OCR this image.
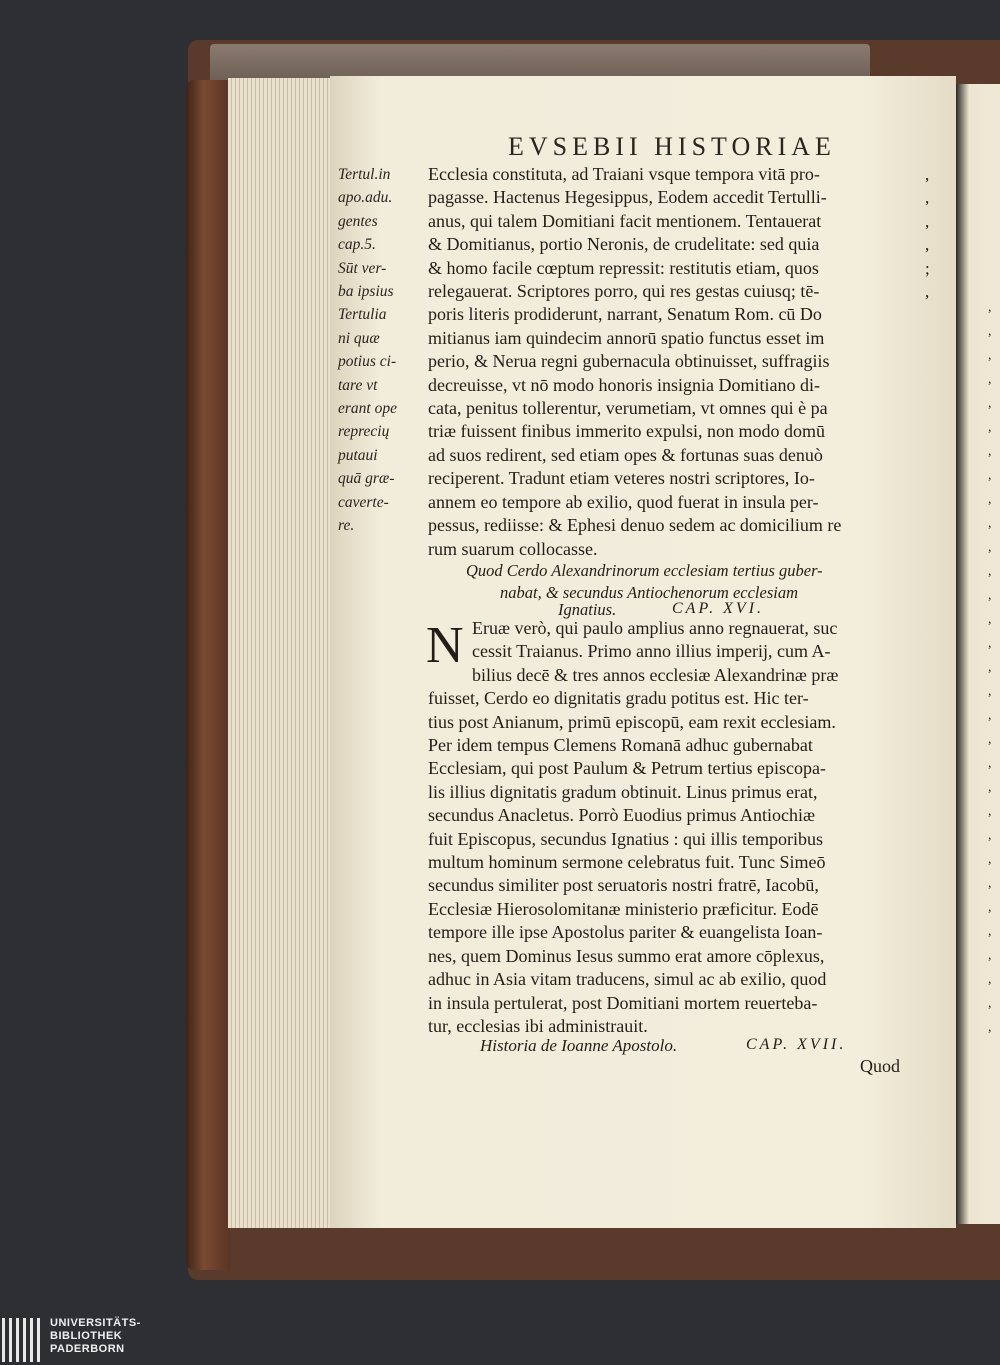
,
,
,
,
,
,
,
,
,
,
,
,
,
,
,
,
,
,
,
,
,
,
,
,
,
,
,
,
,
,
,
EVSEBII HISTORIAE
Tertul.in
apo.adu.
gentes
cap.5.
Sūt ver-
ba ipsius
Tertulia
ni quæ
potius ci-
tare vt
erant ope
reprecių
putaui
quā græ-
caverte-
re.
Ecclesia constituta, ad Traiani vsque tempora vitā pro-
pagasse. Hactenus Hegesippus, Eodem accedit Tertulli-
anus, qui talem Domitiani facit mentionem. Tentauerat
& Domitianus, portio Neronis, de crudelitate: sed quia
& homo facile cœptum repressit: restitutis etiam, quos
relegauerat. Scriptores porro, qui res gestas cuiusq; tē-
poris literis prodiderunt, narrant, Senatum Rom. cū Do
mitianus iam quindecim annorū spatio functus esset im
perio, & Nerua regni gubernacula obtinuisset, suffragiis
decreuisse, vt nō modo honoris insignia Domitiano di-
cata, penitus tollerentur, verumetiam, vt omnes qui è pa
triæ fuissent finibus immerito expulsi, non modo domū
ad suos redirent, sed etiam opes & fortunas suas denuò
reciperent. Tradunt etiam veteres nostri scriptores, Io-
annem eo tempore ab exilio, quod fuerat in insula per-
pessus, rediisse: & Ephesi denuo sedem ac domicilium re
rum suarum collocasse.
,
,
,
,
;
,
Quod Cerdo Alexandrinorum ecclesiam tertius guber-
nabat, & secundus Antiochenorum ecclesiam
Ignatius.	CAP. XVI.
N Eruæ verò, qui paulo amplius anno regnauerat, suc
cessit Traianus. Primo anno illius imperij, cum A-
bilius decē & tres annos ecclesiæ Alexandrinæ præ
fuisset, Cerdo eo dignitatis gradu potitus est. Hic ter-
tius post Anianum, primū episcopū, eam rexit ecclesiam.
Per idem tempus Clemens Romanā adhuc gubernabat
Ecclesiam, qui post Paulum & Petrum tertius episcopa-
lis illius dignitatis gradum obtinuit. Linus primus erat,
secundus Anacletus. Porrò Euodius primus Antiochiæ
fuit Episcopus, secundus Ignatius : qui illis temporibus
multum hominum sermone celebratus fuit. Tunc Simeō
secundus similiter post seruatoris nostri fratrē, Iacobū,
Ecclesiæ Hierosolomitanæ ministerio præficitur. Eodē
tempore ille ipse Apostolus pariter & euangelista Ioan-
nes, quem Dominus Iesus summo erat amore cōplexus,
adhuc in Asia vitam traducens, simul ac ab exilio, quod
in insula pertulerat, post Domitiani mortem reuerteba-
tur, ecclesias ibi administrauit.
Historia de Ioanne Apostolo.	CAP. XVII.
Quod
UNIVERSITÄTS-
BIBLIOTHEK
PADERBORN
